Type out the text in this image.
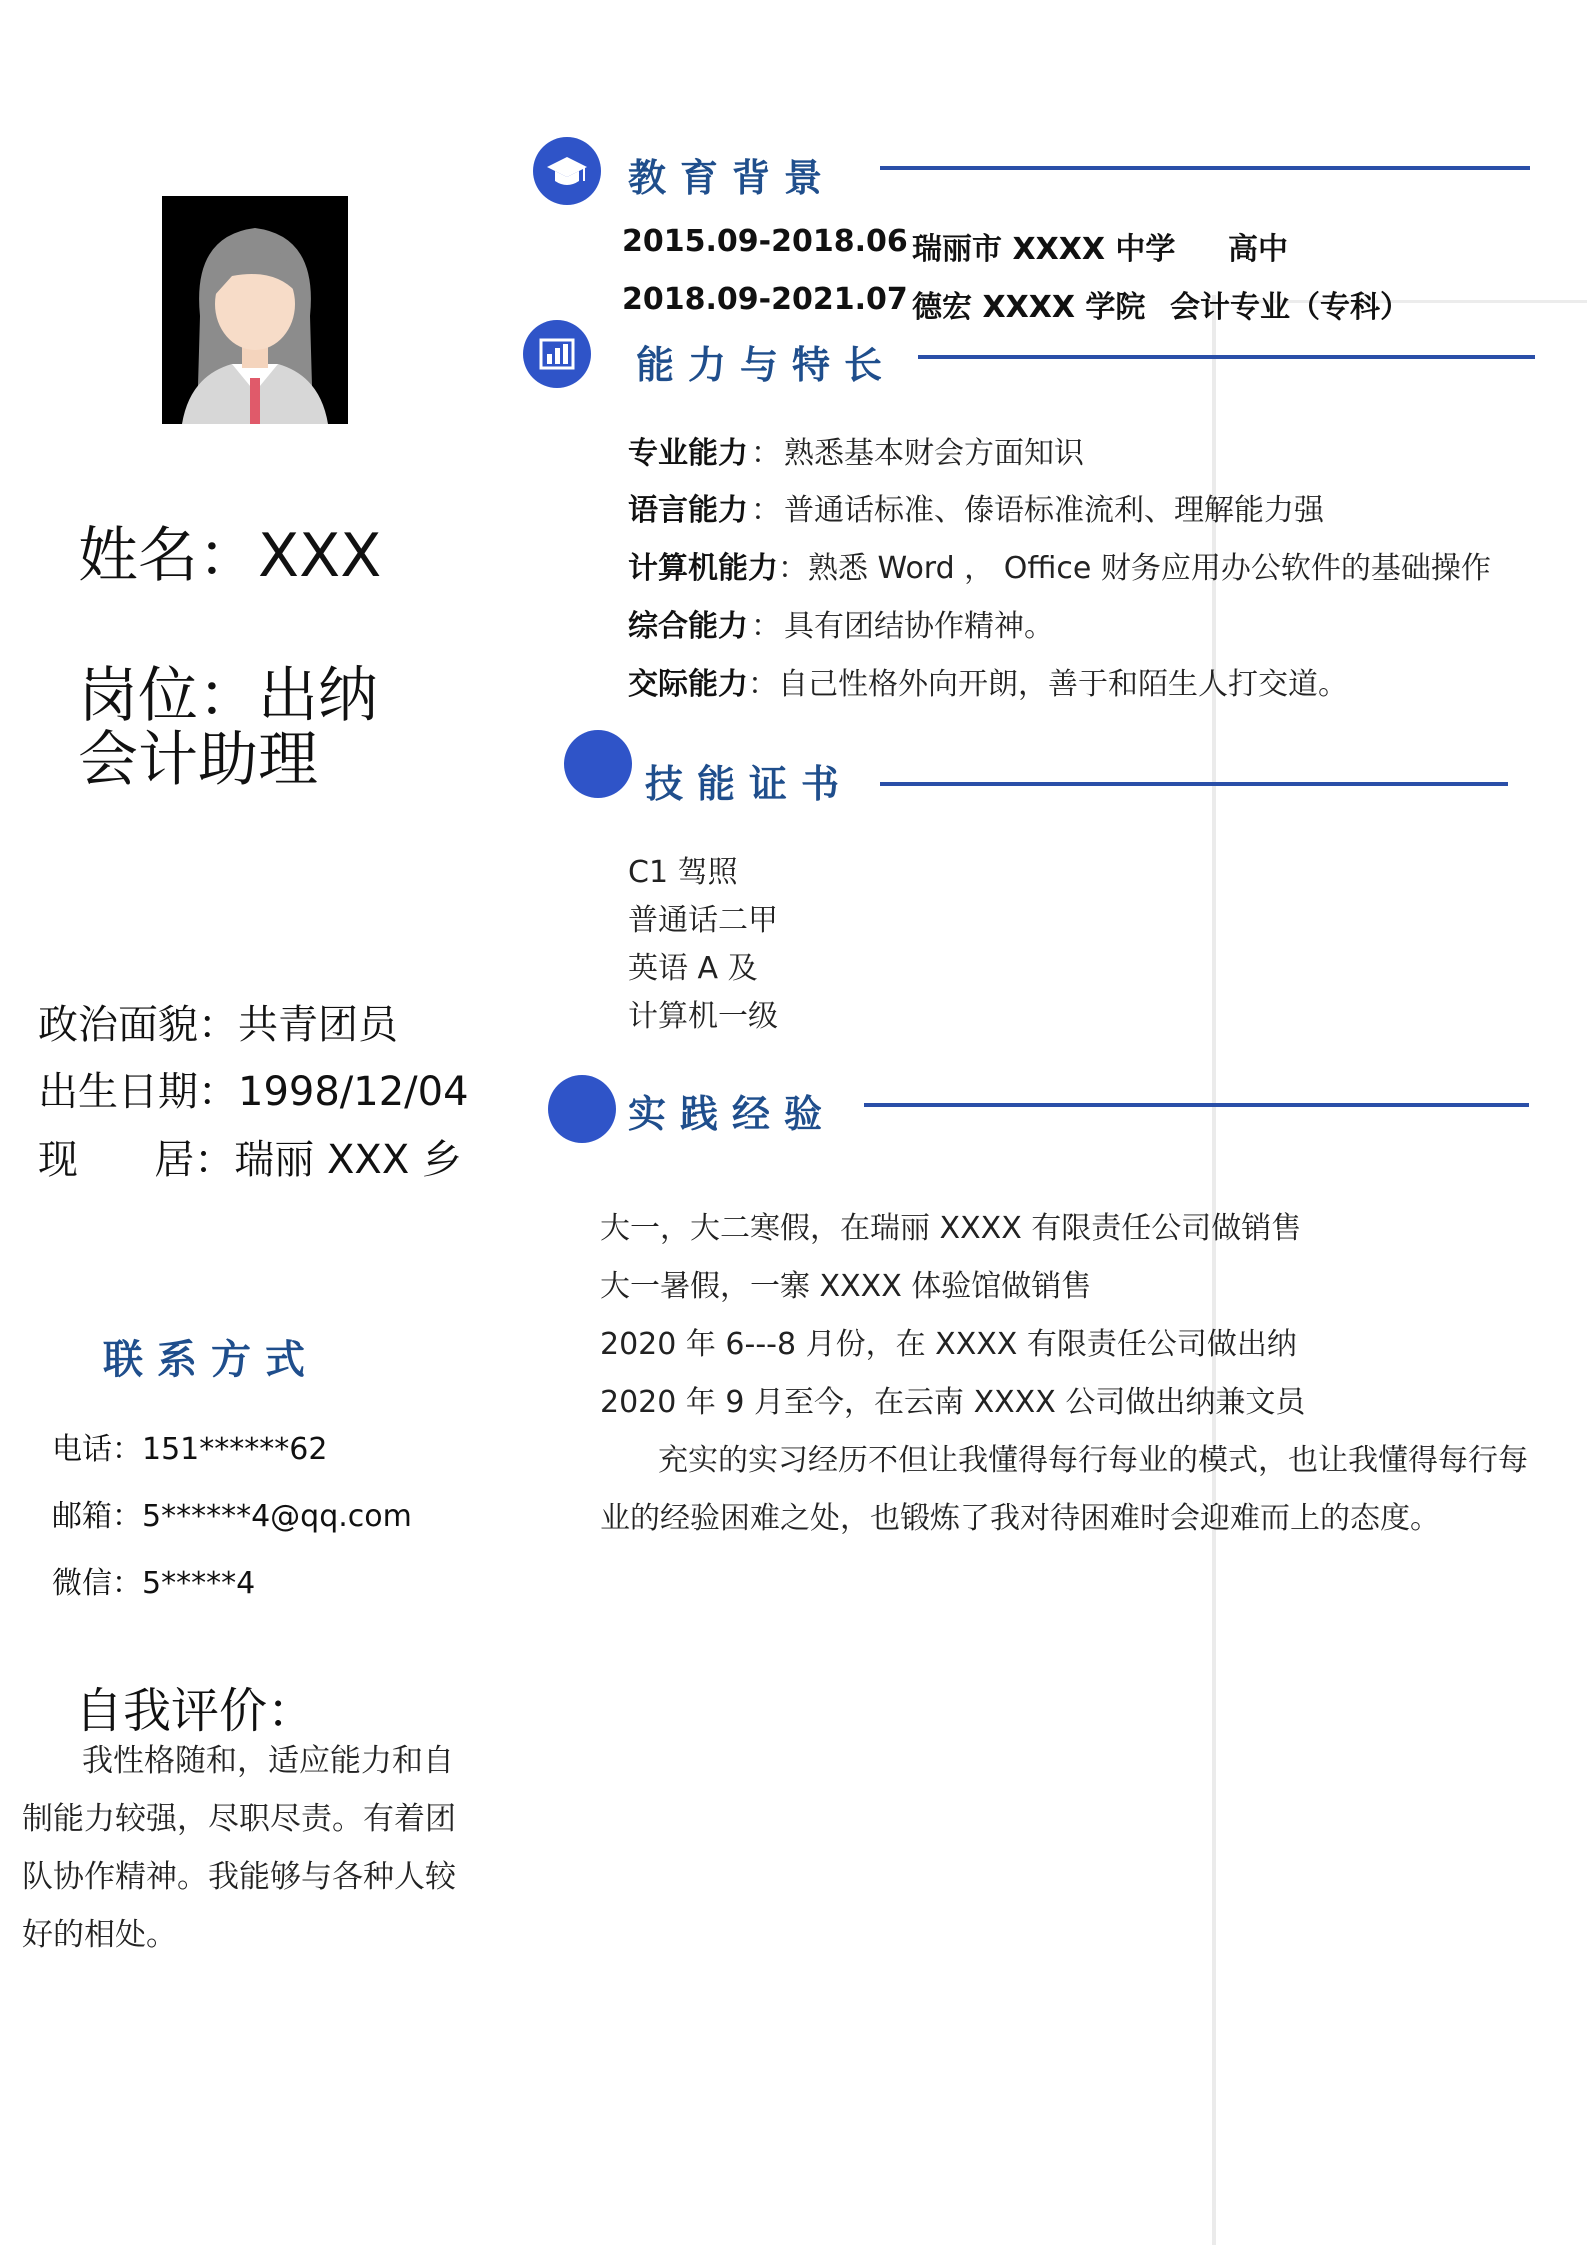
姓名：XXX
岗位：出纳
会计助理
政治面貌：共青团员
出生日期：1998/12/04
现      居：瑞丽 XXX 乡
联系方式
电话：151******62
邮箱：5******4@qq.com
微信：5*****4
自我评价：
我性格随和，适应能力和自制能力较强，尽职尽责。有着团队协作精神。我能够与各种人较好的相处。
教育背景
2015.09-2018.06 瑞丽市 XXXX 中学 高中
2018.09-2021.07 德宏 XXXX 学院 会计专业（专科）
能力与特长
专业能力 ： 熟悉基本财会方面知识
语言能力 ： 普通话标准、傣语标准流利、理解能力强
计算机能力：熟悉 Word ， Office 财务应用办公软件的基础操作
综合能力 ： 具有团结协作精神。
交际能力：自己性格外向开朗，善于和陌生人打交道。
技能证书
C1 驾照
普通话二甲
英语 A 及
计算机一级
实践经验
大一，大二寒假，在瑞丽 XXXX 有限责任公司做销售
大一暑假，一寨 XXXX 体验馆做销售
2020 年 6---8 月份，在 XXXX 有限责任公司做出纳
2020 年 9 月至今，在云南 XXXX 公司做出纳兼文员
充实的实习经历不但让我懂得每行每业的模式，也让我懂得每行每
业的经验困难之处，也锻炼了我对待困难时会迎难而上的态度。
